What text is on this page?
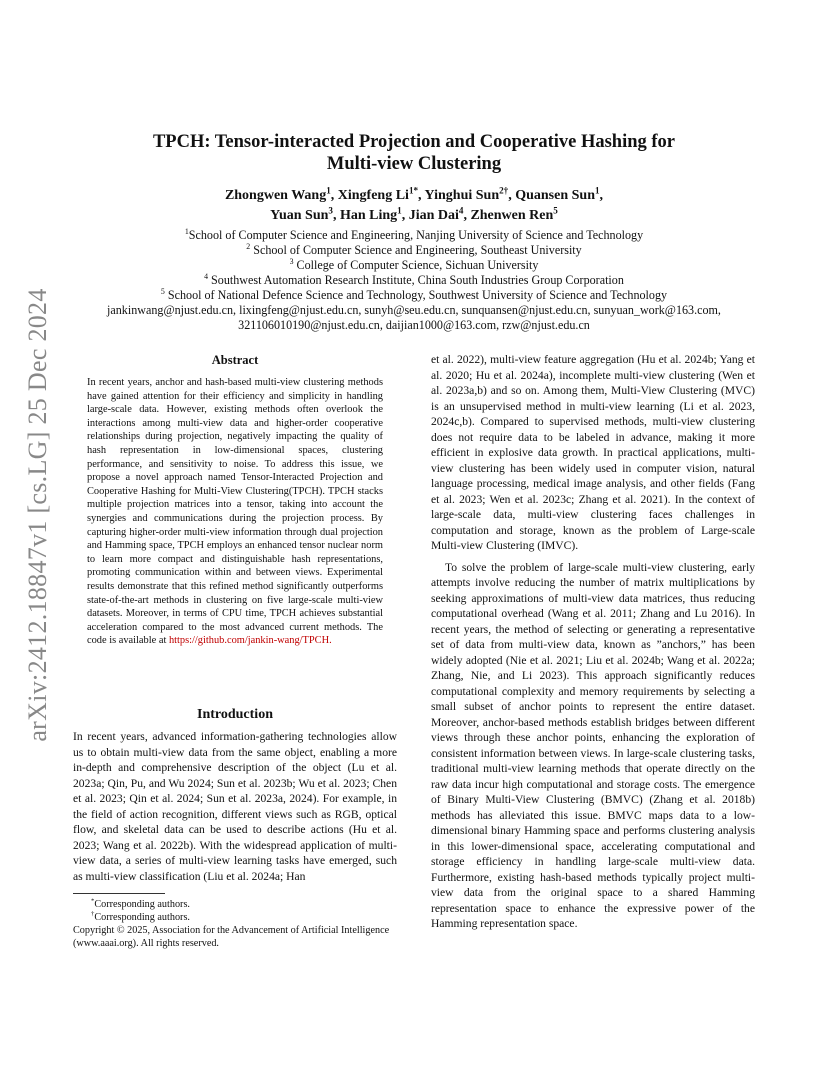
arXiv:2412.18847v1 [cs.LG] 25 Dec 2024
TPCH: Tensor-interacted Projection and Cooperative Hashing for
Multi-view Clustering
Zhongwen Wang$^1$, Xingfeng $Li^{1*}$, Yinghui Sun$^{2\dagger}$, Quansen Sun$^1$,
Yuan Sun$^3$, Han Ling$^1$, Jian Dai$^4$, Zhenwen Ren$^5$
$^1$School of Computer Science and Engineering, Nanjing University of Science and Technology
$^2$ School of Computer Science and Engineering, Southeast University
$^3$ College of Computer Science, Sichuan University
$^4$ Southwest Automation Research Institute, China South Industries Group Corporation
$^5$ School of National Defence Science and Technology, Southwest University of Science and Technology
jankinwang@njust.edu.cn, lixingfeng@njust.edu.cn, sunyh@seu.edu.cn, sunquansen@njust.edu.cn, sunyuan_work@163.com,
321106010190@njust.edu.cn, daijian1000@163.com, rzw@njust.edu.cn
Abstract
In recent years, anchor and hash-based multi-view clustering methods have gained attention for their efficiency and simplicity in handling large-scale data. However, existing methods often overlook the interactions among multi-view data and higher-order cooperative relationships during projection, negatively impacting the quality of hash representation in low-dimensional spaces, clustering performance, and sensitivity to noise. To address this issue, we propose a novel approach named Tensor-Interacted Projection and Cooperative Hashing for Multi-View Clustering(TPCH). TPCH stacks multiple projection matrices into a tensor, taking into account the synergies and communications during the projection process. By capturing higher-order multi-view information through dual projection and Hamming space, TPCH employs an enhanced tensor nuclear norm to learn more compact and distinguishable hash representations, promoting communication within and between views. Experimental results demonstrate that this refined method significantly outperforms state-of-the-art methods in clustering on five large-scale multi-view datasets. Moreover, in terms of CPU time, TPCH achieves substantial acceleration compared to the most advanced current methods. The code is available at https://github.com/jankin-wang/TPCH.
Introduction

In recent years, advanced information-gathering technologies allow us to obtain multi-view data from the same object, enabling a more in-depth and comprehensive description of the object (Lu et al. 2023a; Qin, Pu, and Wu 2024; Sun et al. 2023b; Wu et al. 2023; Chen et al. 2023; Qin et al. 2024; Sun et al. 2023a, 2024). For example, in the field of action recognition, different views such as RGB, optical flow, and skeletal data can be used to describe actions (Hu et al. 2023; Wang et al. 2022b). With the widespread application of multi-view data, a series of multi-view learning tasks have emerged, such as multi-view classification (Liu et al. 2024a; Han

*Corresponding authors.
†Corresponding authors.
Copyright © 2025, Association for the Advancement of Artificial Intelligence (www.aaai.org). All rights reserved.

et al. 2022), multi-view feature aggregation (Hu et al. 2024b; Yang et al. 2020; Hu et al. 2024a), incomplete multi-view clustering (Wen et al. 2023a,b) and so on. Among them, Multi-View Clustering (MVC) is an unsupervised method in multi-view learning (Li et al. 2023, 2024c,b). Compared to supervised methods, multi-view clustering does not require data to be labeled in advance, making it more efficient in explosive data growth. In practical applications, multi-view clustering has been widely used in computer vision, natural language processing, medical image analysis, and other fields (Fang et al. 2023; Wen et al. 2023c; Zhang et al. 2021). In the context of large-scale data, multi-view clustering faces challenges in computation and storage, known as the problem of Large-scale Multi-view Clustering (IMVC).

To solve the problem of large-scale multi-view clustering, early attempts involve reducing the number of matrix multiplications by seeking approximations of multi-view data matrices, thus reducing computational overhead (Wang et al. 2011; Zhang and Lu 2016). In recent years, the method of selecting or generating a representative set of data from multi-view data, known as ”anchors,” has been widely adopted (Nie et al. 2021; Liu et al. 2024b; Wang et al. 2022a; Zhang, Nie, and Li 2023). This approach significantly reduces computational complexity and memory requirements by selecting a small subset of anchor points to represent the entire dataset. Moreover, anchor-based methods establish bridges between different views through these anchor points, enhancing the exploration of consistent information between views. In large-scale clustering tasks, traditional multi-view learning methods that operate directly on the raw data incur high computational and storage costs. The emergence of Binary Multi-View Clustering (BMVC) (Zhang et al. 2018b) methods has alleviated this issue. BMVC maps data to a low-dimensional binary Hamming space and performs clustering analysis in this lower-dimensional space, accelerating computational and storage efficiency in handling large-scale multi-view data. Furthermore, existing hash-based methods typically project multi-view data from the original space to a shared Hamming representation space to enhance the expressive power of the Hamming representation space.
